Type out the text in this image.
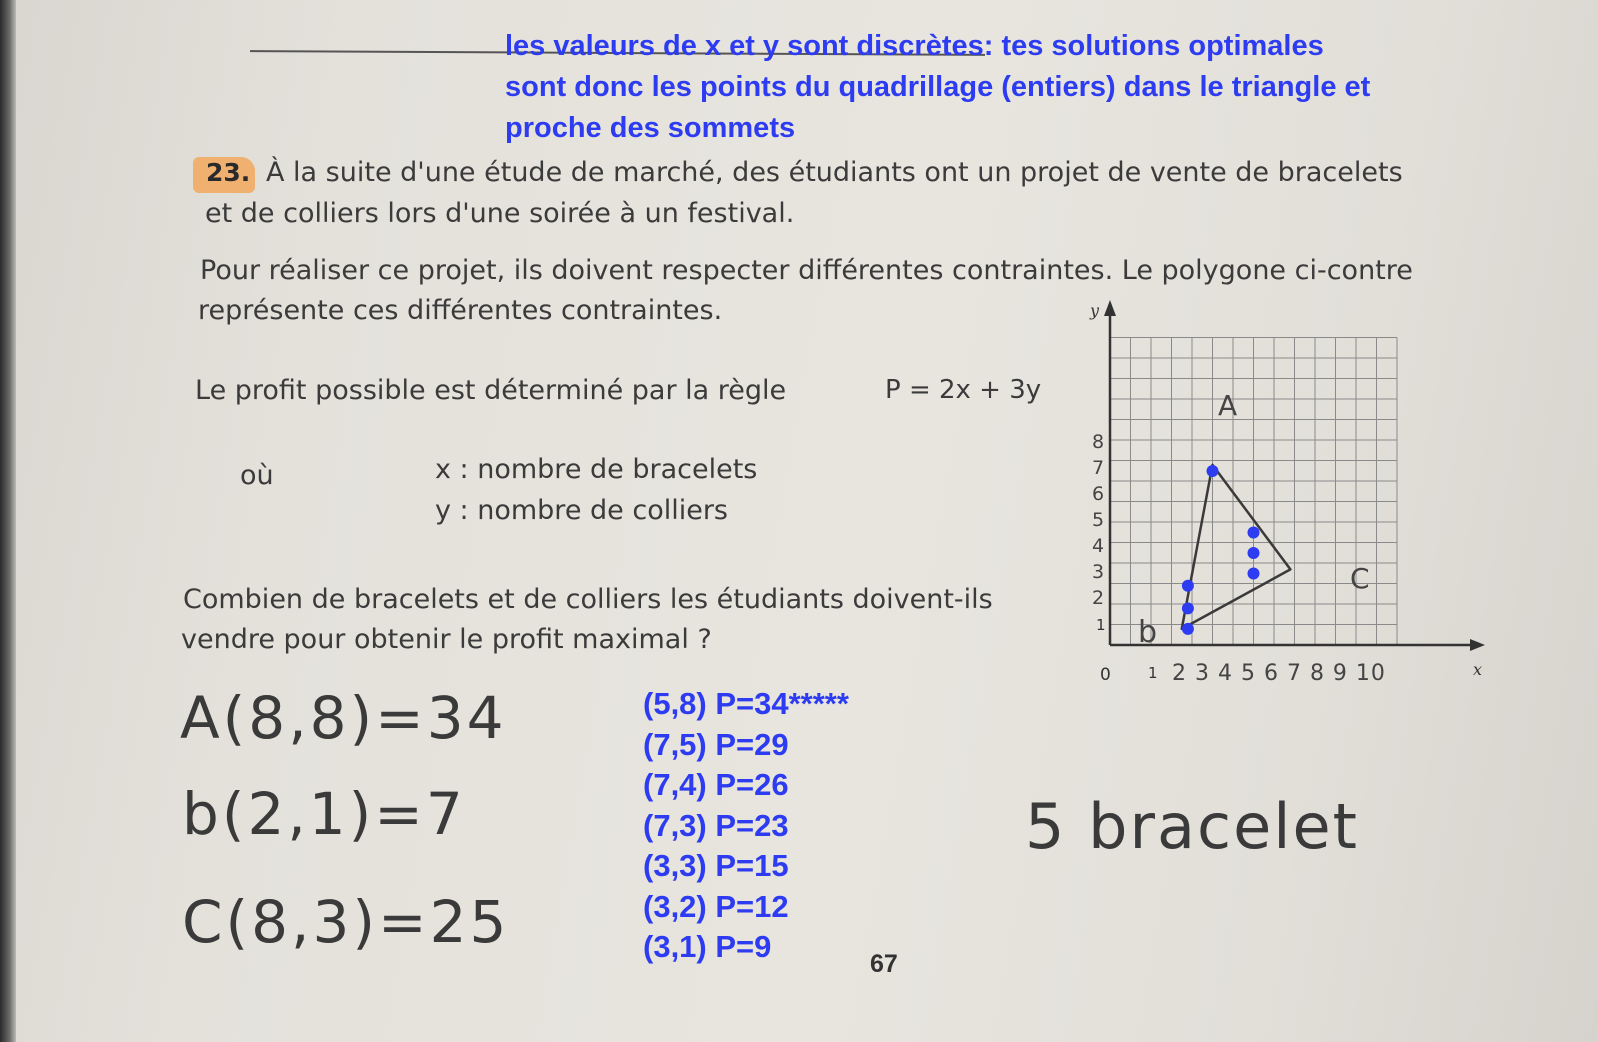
les valeurs de x et y sont discrètes: tes solutions optimales
sont donc les points du quadrillage (entiers) dans le triangle et
proche des sommets
23. À la suite d'une étude de marché, des étudiants ont un projet de vente de bracelets
et de colliers lors d'une soirée à un festival.
Pour réaliser ce projet, ils doivent respecter différentes contraintes. Le polygone ci-contre
représente ces différentes contraintes.
Le profit possible est déterminé par la règle	P = 2x + 3y
où	x : nombre de bracelets
y : nombre de colliers
Combien de bracelets et de colliers les étudiants doivent-ils
vendre pour obtenir le profit maximal ?
A(8,8)=34
b(2,1)=7
C(8,3)=25
5 bracelet
(5,8) P=34*****
(7,5) P=29
(7,4) P=26
(7,3) P=23
(3,3) P=15
(3,2) P=12
(3,1) P=9	67
y
x
0
1
1 2 3 4 5 6 7 8 9 10
8
7
6
5
4
3
2
A
b
C
